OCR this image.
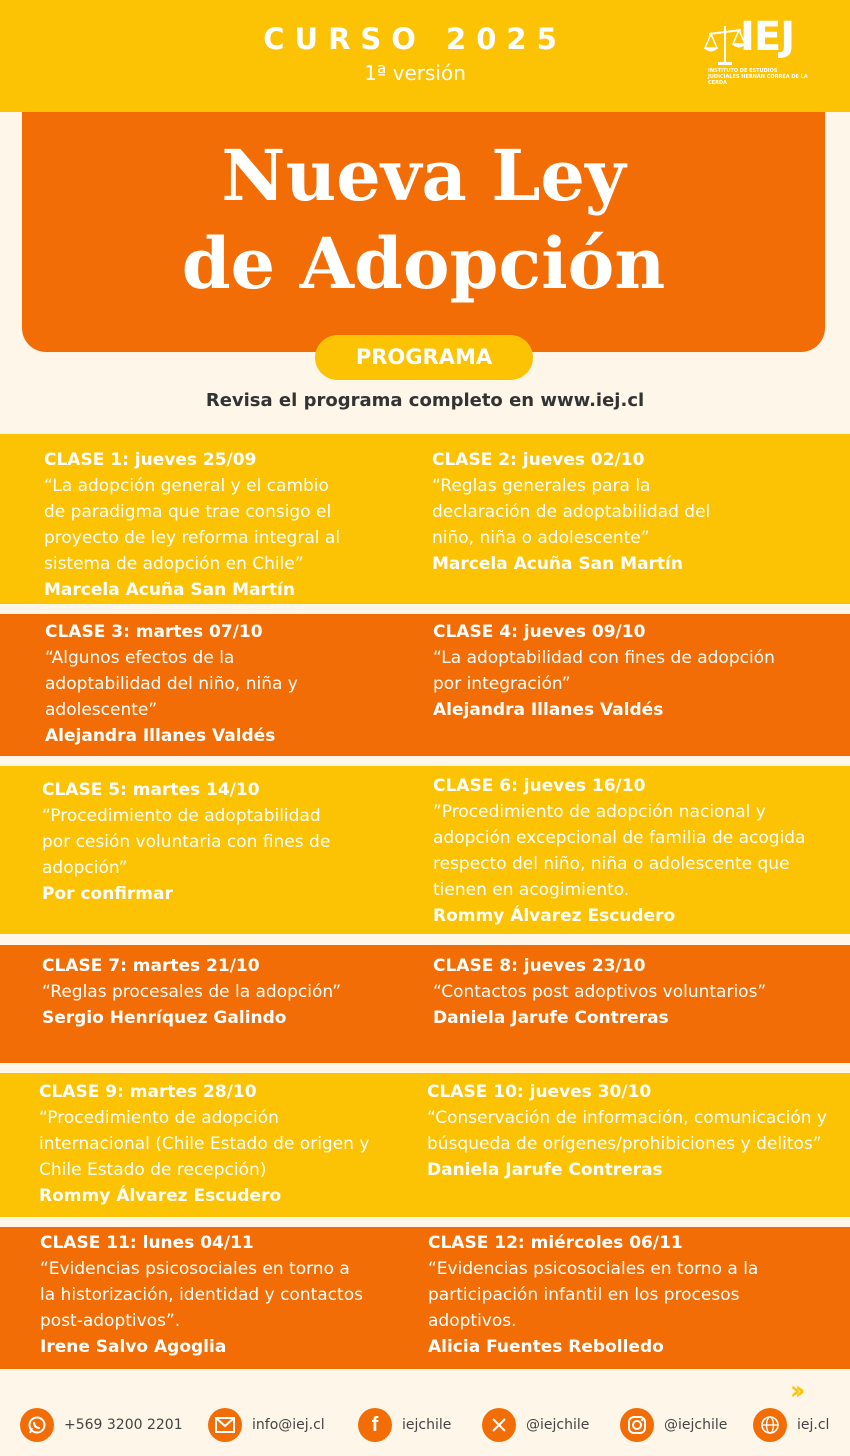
CURSO 2025
1ª versión
IEJ
INSTITUTO DE ESTUDIOS JUDICIALES HERNÁN CORREA DE LA CERDA
Nueva Ley
de Adopción
PROGRAMA
Revisa el programa completo en www.iej.cl
CLASE 1: jueves 25/09
“La adopción general y el cambio
de paradigma que trae consigo el
proyecto de ley reforma integral al
sistema de adopción en Chile”
Marcela Acuña San Martín
CLASE 2: jueves 02/10
“Reglas generales para la
declaración de adoptabilidad del
niño, niña o adolescente”
Marcela Acuña San Martín
CLASE 3: martes 07/10
“Algunos efectos de la
adoptabilidad del niño, niña y
adolescente”
Alejandra Illanes Valdés
CLASE 4: jueves 09/10
“La adoptabilidad con fines de adopción
por integración”
Alejandra Illanes Valdés
CLASE 5: martes 14/10
“Procedimiento de adoptabilidad
por cesión voluntaria con fines de
adopción”
Por confirmar
CLASE 6: jueves 16/10
”Procedimiento de adopción nacional y
adopción excepcional de familia de acogida
respecto del niño, niña o adolescente que
tienen en acogimiento.
Rommy Álvarez Escudero
CLASE 7: martes 21/10
“Reglas procesales de la adopción”
Sergio Henríquez Galindo
CLASE 8: jueves 23/10
“Contactos post adoptivos voluntarios”
Daniela Jarufe Contreras
CLASE 9: martes 28/10
“Procedimiento de adopción
internacional (Chile Estado de origen y
Chile Estado de recepción)
Rommy Álvarez Escudero
CLASE 10: jueves 30/10
“Conservación de información, comunicación y
búsqueda de orígenes/prohibiciones y delitos”
Daniela Jarufe Contreras
CLASE 11: lunes 04/11
“Evidencias psicosociales en torno a
la historización, identidad y contactos
post-adoptivos”.
Irene Salvo Agoglia
CLASE 12: miércoles 06/11
“Evidencias psicosociales en torno a la
participación infantil en los procesos
adoptivos.
Alicia Fuentes Rebolledo
››
+569 3200 2201	info@iej.cl f iejchile	@iejchile	@iejchile	iej.cl
